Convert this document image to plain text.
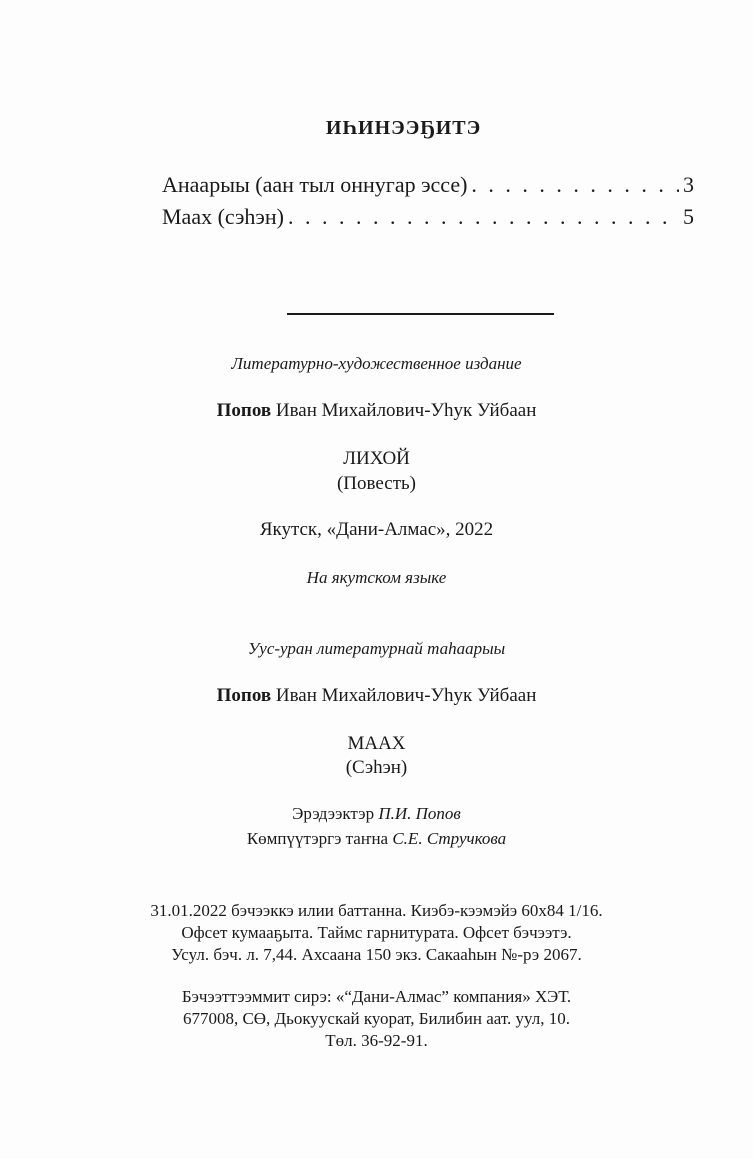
ИҺИНЭЭҔИТЭ
Анаарыы (аан тыл оннугар эссе) . . .	3
Маах (сэһэн) . . .	5
Литературно-художественное издание
Попов Иван Михайлович-Уһук Уйбаан
ЛИХОЙ
(Повесть)
Якутск, «Дани-Алмас», 2022
На якутском языке
Уус-уран литературнай таһаарыы
Попов Иван Михайлович-Уһук Уйбаан
МААХ
(Сэһэн)
Эрэдээктэр П.И. Попов
Көмпүүтэргэ таҥна С.Е. Стручкова
31.01.2022 бэчээккэ илии баттанна. Киэбэ-кээмэйэ 60х84 1/16.
Офсет кумааҕыта. Таймс гарнитурата. Офсет бэчээтэ.
Усул. бэч. л. 7,44. Ахсаана 150 экз. Сакааһын №-рэ 2067.
Бэчээттээммит сирэ: «“Дани-Алмас” компания» ХЭТ.
677008, СӨ, Дьокуускай куорат, Билибин аат. уул, 10.
Төл. 36-92-91.
